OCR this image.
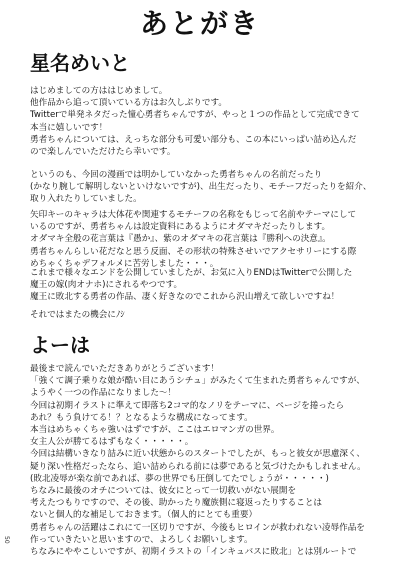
あとがき
星名めいと
はじめましての方ははじめまして。
他作品から追って頂いている方はお久しぶりです。
Twitterで単発ネタだった憧心勇者ちゃんですが、やっと１つの作品として完成できて
本当に嬉しいです！
勇者ちゃんについては、えっちな部分も可愛い部分も、この本にいっぱい詰め込んだ
ので楽しんでいただけたら幸いです。
というのも、今回の漫画では明かしていなかった勇者ちゃんの名前だったり
(かなり腕して解明しないといけないですが)、出生だったり、モチーフだったりを紹介、
取り入れたりしていました。
矢印キーのキャラは大体花や関連するモチーフの名称をもじって名前やテーマにして
いるのですが、勇者ちゃんは設定資料にあるようにオダマキだったりします。
オダマキ全般の花言葉は『愚か』、紫のオダマキの花言葉は『勝利への決意』。
勇者ちゃんらしい花だなと思う反面、その形状の特殊させいでアクセサリーにする際
めちゃくちゃデフォルメに苦労しました・・・。
これまで様々なエンドを公開していましたが、お気に入りENDはTwitterで公開した
魔王の嫁(肉オナホ)にされるやつです。
魔王に敗北する勇者の作品、凄く好きなのでこれから沢山増えて欲しいですね！
それではまたの機会にﾉｼ
よーは
最後まで読んでいただきありがとうございます！
「強くて調子乗りな娘が酷い目にあうシチュ」がみたくて生まれた勇者ちゃんですが、
ようやく一つの作品になりました～！
今回は初期イラストに準えて即落ち2コマ的なノリをテーマに、ページを捲ったら
あれ？もう負けてる！？となるような構成になってます。
本当はめちゃくちゃ強いはずですが、ここはエロマンガの世界。
女主人公が勝てるはずもなく・・・・・。
今回は結構いきなり詰みに近い状態からのスタートでしたが、もっと彼女が思慮深く、
疑り深い性格だったなら、追い詰められる前には夢であると気づけたかもしれません。
(敗北凌辱が楽な前であれば、夢の世界でも圧倒してたでしょうが・・・・・)
ちなみに最後のオチについては、彼女にとって一切救いがない展開を
考えたつもりですので、その後、助かったり魔族側に寝返ったりすることは
ないと個人的な補足しておきます。（個人的にとても重要）
勇者ちゃんの活躍はこれにて一区切りですが、今後もヒロインが救われない凌辱作品を
作っていきたいと思いますので、よろしくお願いします。
ちなみにややこしいですが、初期イラストの「インキュバスに敗北」とは別ルートで
50
